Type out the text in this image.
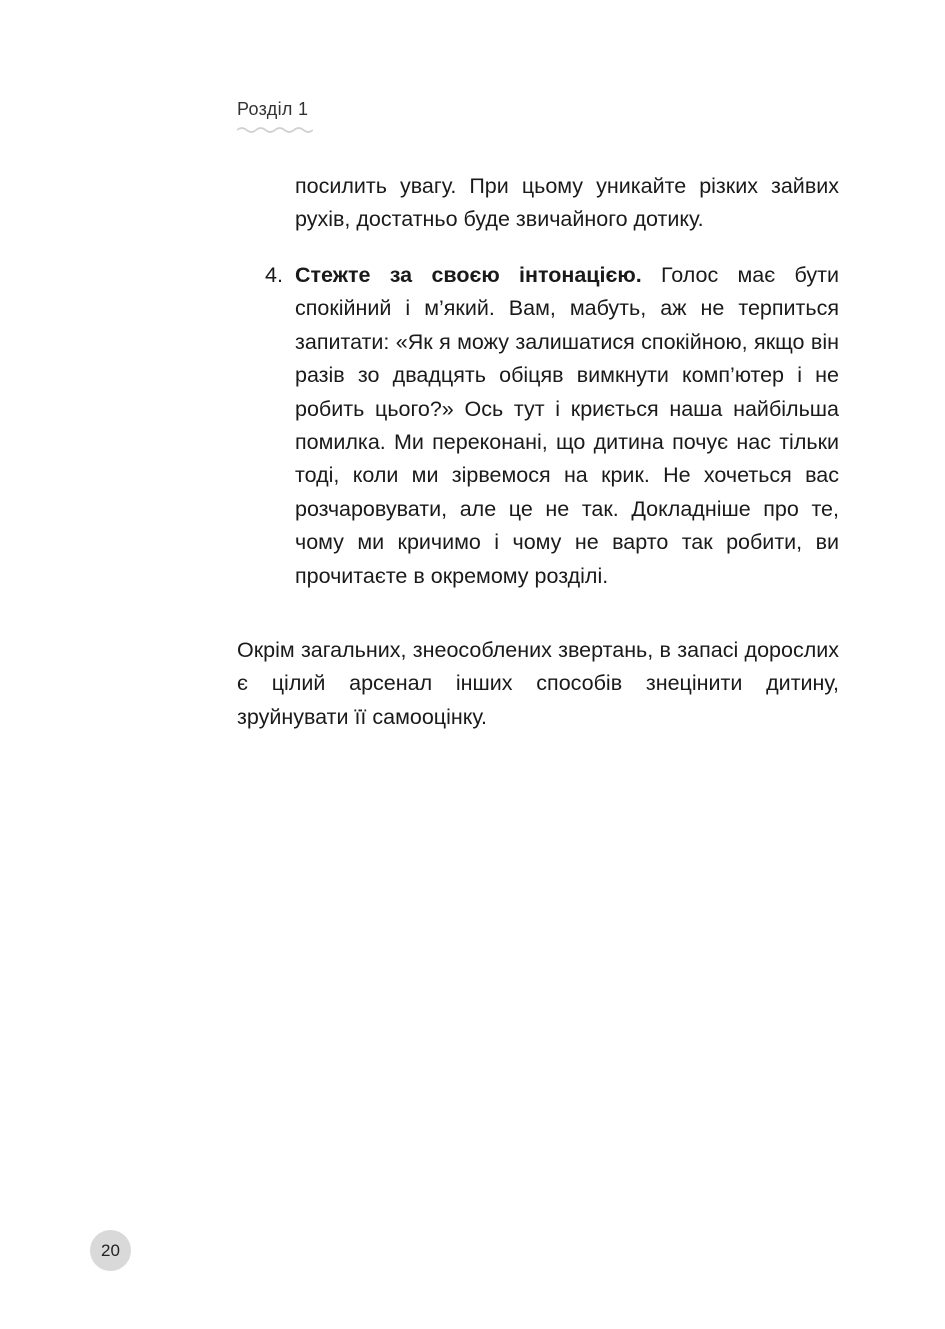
Розділ 1

посилить увагу. При цьому уникайте різких зайвих рухів, достатньо буде звичайного дотику.

4. Стежте за своєю інтонацією. Голос має бути спокійний і м’який. Вам, мабуть, аж не терпиться запитати: «Як я можу залишатися спокійною, якщо він разів зо двадцять обіцяв вимкнути комп’ютер і не робить цього?» Ось тут і криється наша найбільша помилка. Ми переконані, що дитина почує нас тільки тоді, коли ми зірвемося на крик. Не хочеться вас розчаровувати, але це не так. Докладніше про те, чому ми кричимо і чому не варто так робити, ви прочитаєте в окремому розділі.

Окрім загальних, знеособлених звертань, в запасі дорослих є цілий арсенал інших способів знецінити дитину, зруйнувати її самооцінку.

20
